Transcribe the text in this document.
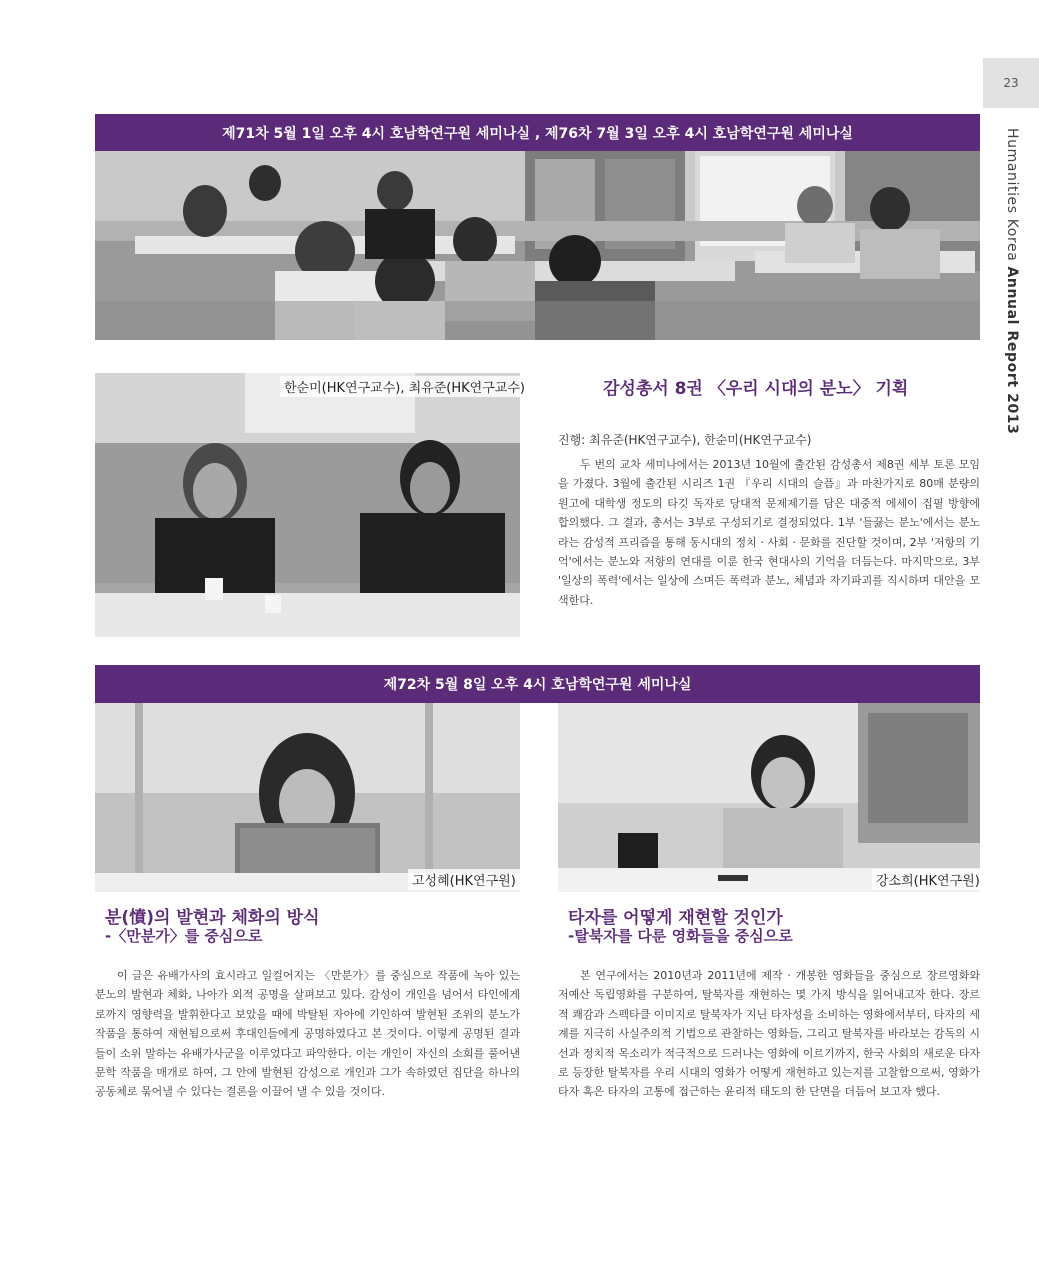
23
Humanities Korea Annual Report 2013
제71차 5월 1일 오후 4시 호남학연구원 세미나실 , 제76차 7월 3일 오후 4시 호남학연구원 세미나실
한순미(HK연구교수), 최유준(HK연구교수)	감성총서 8권 〈우리 시대의 분노〉 기획
진행: 최유준(HK연구교수), 한순미(HK연구교수)

두 번의 교차 세미나에서는 2013년 10월에 출간된 감성총서 제8권 세부 토론 모임을 가졌다. 3월에 출간된 시리즈 1권 『우리 시대의 슬픔』과 마찬가지로 80매 분량의 원고에 대학생 정도의 타깃 독자로 당대적 문제제기를 담은 대중적 에세이 집필 방향에 합의했다. 그 결과, 총서는 3부로 구성되기로 결정되었다. 1부 '들끓는 분노'에서는 분노라는 감성적 프리즘을 통해 동시대의 정치 · 사회 · 문화를 진단할 것이며, 2부 '저항의 기억'에서는 분노와 저항의 연대를 이룬 한국 현대사의 기억을 더듬는다. 마지막으로, 3부 '일상의 폭력'에서는 일상에 스며든 폭력과 분노, 체념과 자기파괴를 직시하며 대안을 모색한다.

제72차 5월 8일 오후 4시 호남학연구원 세미나실
고성혜(HK연구원)	강소희(HK연구원)
분(憤)의 발현과 체화의 방식
-〈만분가〉를 중심으로

이 글은 유배가사의 효시라고 일컬어지는 〈만분가〉를 중심으로 작품에 녹아 있는 분노의 발현과 체화, 나아가 외적 공명을 살펴보고 있다. 감성이 개인을 넘어서 타인에게로까지 영향력을 발휘한다고 보았을 때에 박탈된 자아에 기인하여 발현된 조위의 분노가 작품을 통하여 재현됨으로써 후대인들에게 공명하였다고 본 것이다. 이렇게 공명된 결과들이 소위 말하는 유배가사군을 이루었다고 파악한다. 이는 개인이 자신의 소회를 풀어낸 문학 작품을 매개로 하여, 그 안에 발현된 감성으로 개인과 그가 속하였던 집단을 하나의 공동체로 묶어낼 수 있다는 결론을 이끌어 낼 수 있을 것이다.

타자를 어떻게 재현할 것인가
-탈북자를 다룬 영화들을 중심으로

본 연구에서는 2010년과 2011년에 제작 · 개봉한 영화들을 중심으로 장르영화와 저예산 독립영화를 구분하여, 탈북자를 재현하는 몇 가지 방식을 읽어내고자 한다. 장르적 쾌감과 스펙타클 이미지로 탈북자가 지닌 타자성을 소비하는 영화에서부터, 타자의 세계를 지극히 사실주의적 기법으로 관찰하는 영화들, 그리고 탈북자를 바라보는 감독의 시선과 정치적 목소리가 적극적으로 드러나는 영화에 이르기까지, 한국 사회의 새로운 타자로 등장한 탈북자를 우리 시대의 영화가 어떻게 재현하고 있는지를 고찰함으로써, 영화가 타자 혹은 타자의 고통에 접근하는 윤리적 태도의 한 단면을 더듬어 보고자 했다.
